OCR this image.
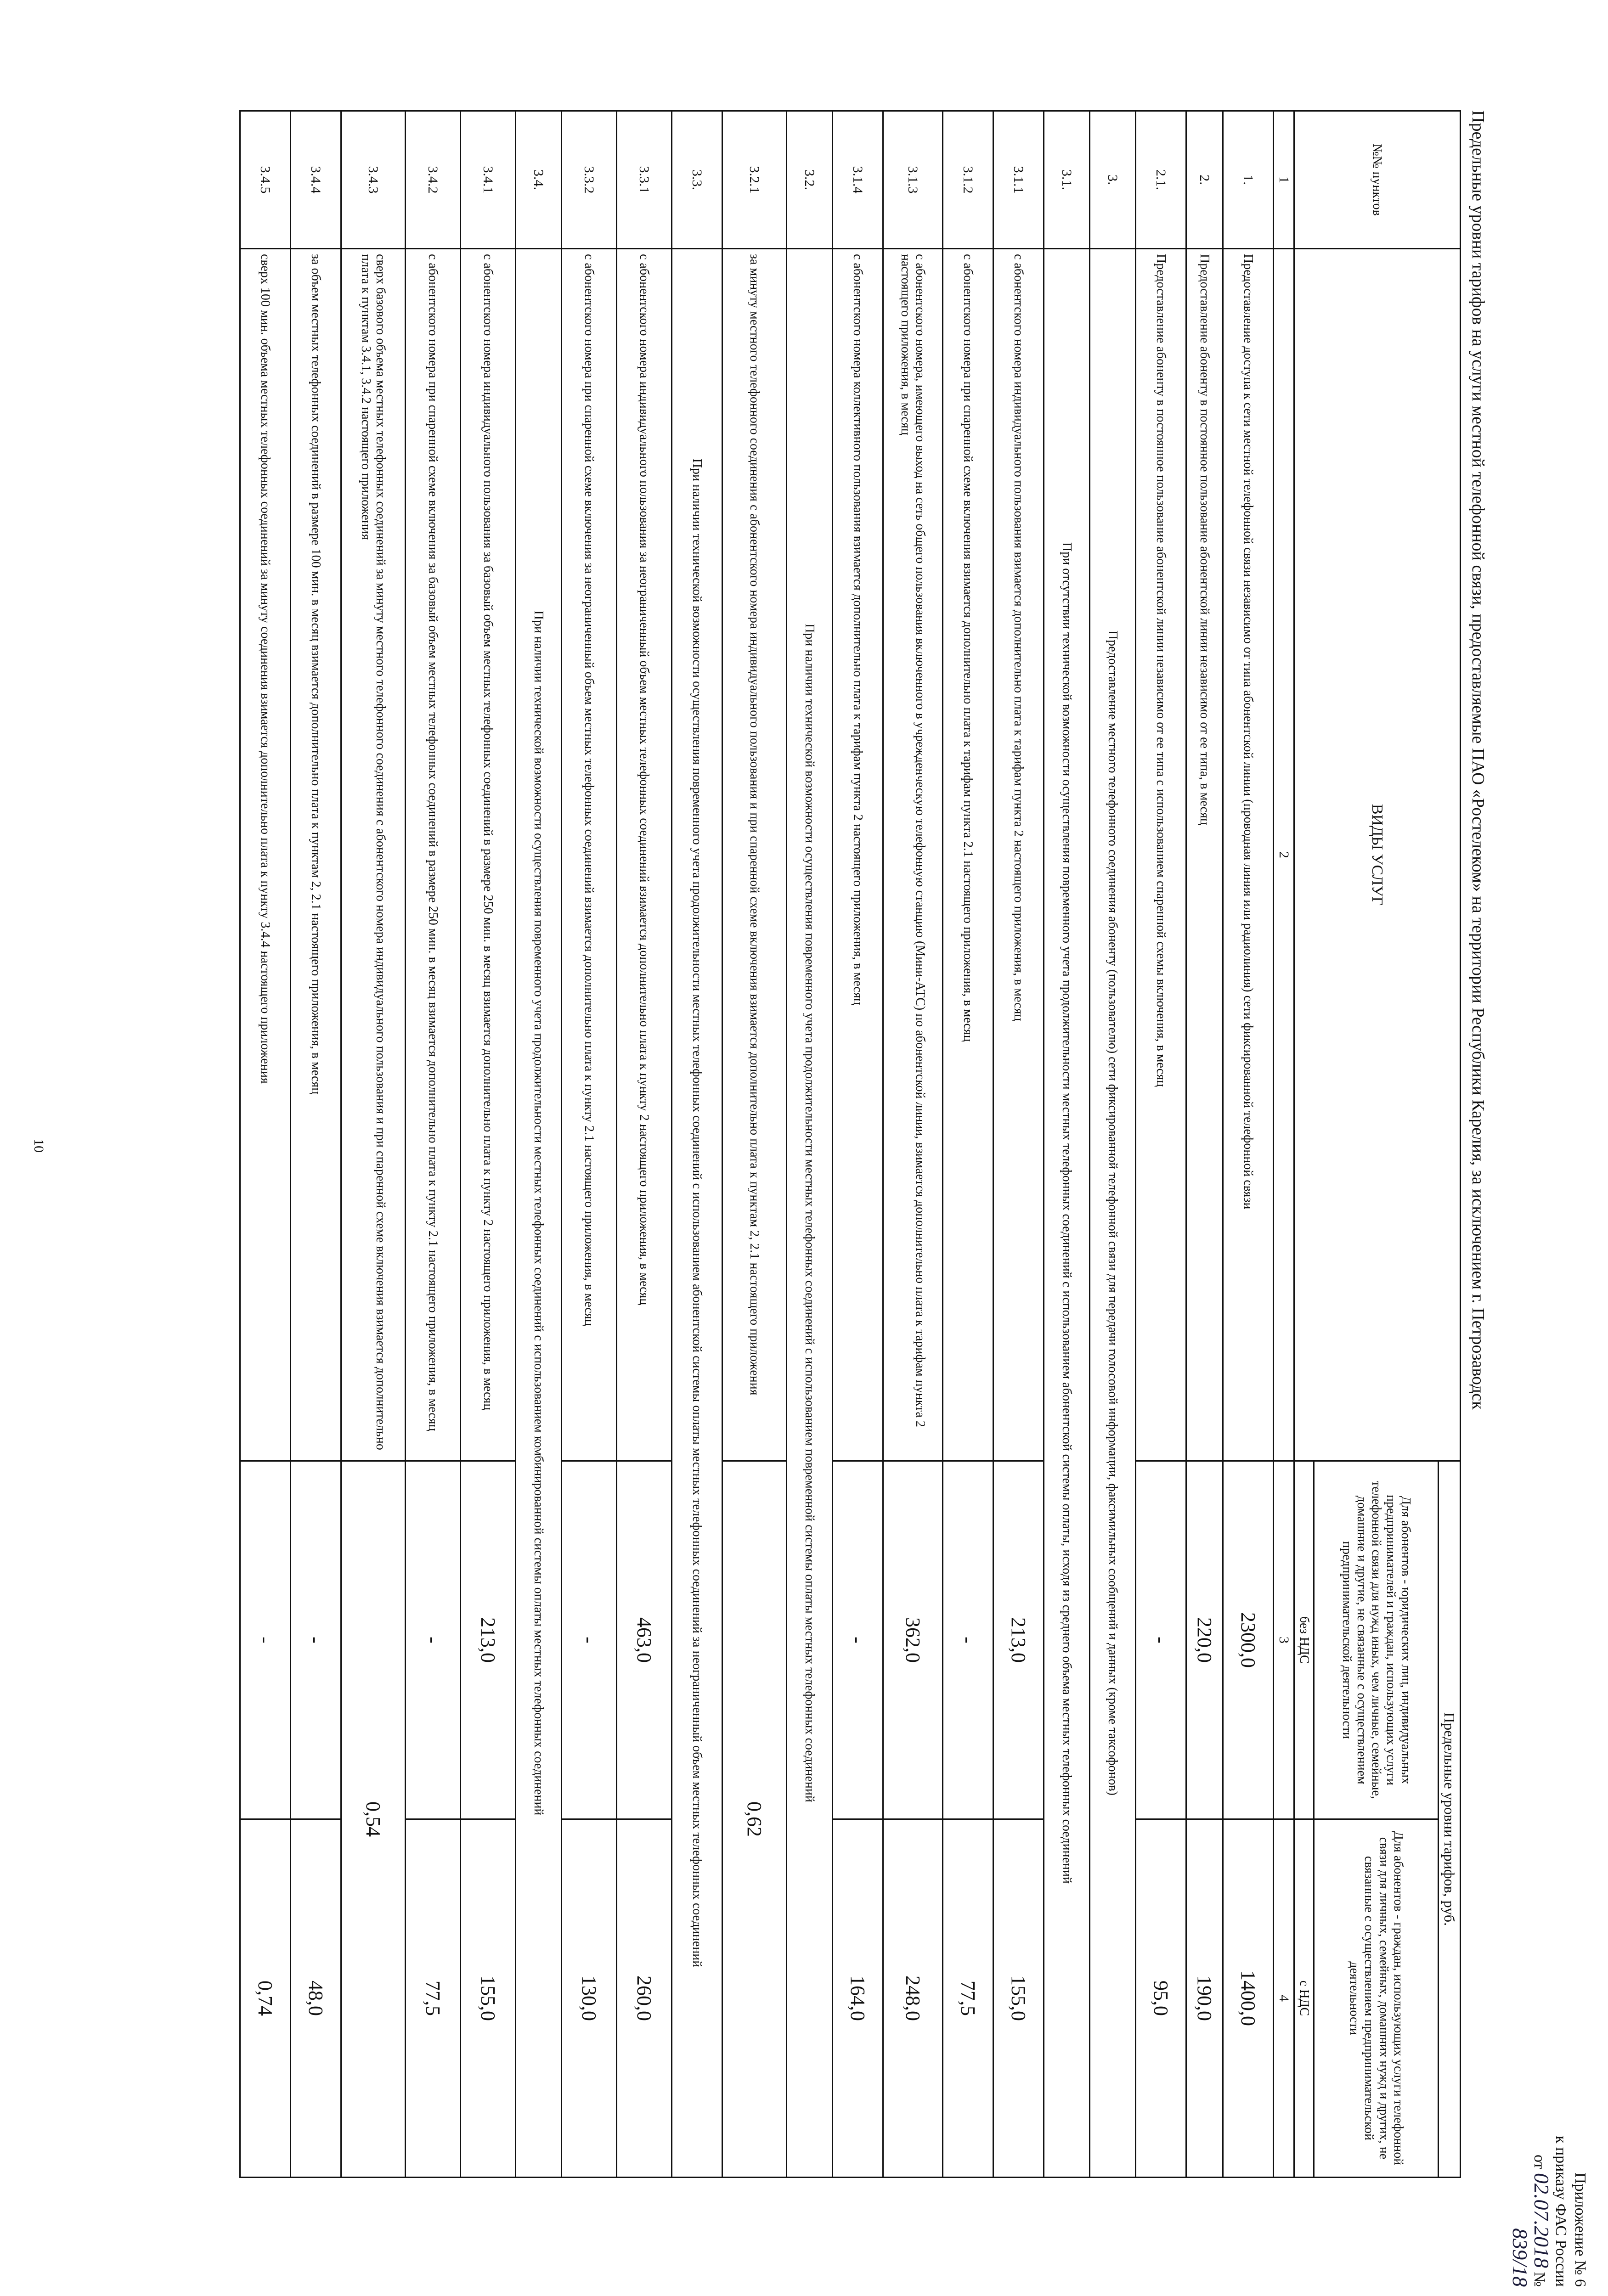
Приложение № 6
к приказу ФАС России
от 02.07.2018 № 839/18
Предельные уровни тарифов на услуги местной телефонной связи, предоставляемые ПАО «Ростелеком» на территории Республики Карелия, за исключением г. Петрозаводск
№№ пунктов	ВИДЫ УСЛУГ	Предельные уровни тарифов, руб.	
		Для абонентов - юридических лиц, индивидуальных предпринимателей и граждан, использующих услуги телефонной связи для нужд иных, чем личные, семейные, домашние и другие, не связанные с осуществлением предпринимательской деятельности	Для абонентов - граждан, использующих услуги телефонной связи для личных, семейных, домашних нужд и других, не связанные с осуществлением предпринимательской деятельности
		без НДС	с НДС
1	2	3	4
1.	Предоставление доступа к сети местной телефонной связи независимо от типа абонентской линии (проводная линия или радиолиния) сети фиксированной телефонной связи	2300,0	1400,0
2.	Предоставление абоненту в постоянное пользование абонентской линии независимо от ее типа, в месяц	220,0	190,0
2.1.	Предоставление абоненту в постоянное пользование абонентской линии независимо от ее типа с использованием спаренной схемы включения, в месяц	-	95,0
3.	Предоставление местного телефонного соединения абоненту (пользователю) сети фиксированной телефонной связи для передачи голосовой информации, факсимильных сообщений и данных (кроме таксофонов)		
3.1.	При отсутствии технической возможности осуществления повременного учета продолжительности местных телефонных соединений с использованием абонентской системы оплаты, исходя из среднего объема местных телефонных соединений		
3.1.1	с абонентского номера индивидуального пользования взимается дополнительно плата к тарифам пункта 2 настоящего приложения, в месяц	213,0	155,0
3.1.2	с абонентского номера при спаренной схеме включения взимается дополнительно плата к тарифам пункта 2.1 настоящего приложения, в месяц	-	77,5
3.1.3	с абонентского номера, имеющего выход на сеть общего пользования включенного в учрежденческую телефонную станцию (Мини-АТС) по абонентской линии, взимается дополнительно плата к тарифам пункта 2 настоящего приложения, в месяц	362,0	248,0
3.1.4	с абонентского номера коллективного пользования взимается дополнительно плата к тарифам пункта 2 настоящего приложения, в месяц	-	164,0
3.2.	При наличии технической возможности осуществления повременного учета продолжительности местных телефонных соединений с использованием повременной системы оплаты местных телефонных соединений		
3.2.1	за минуту местного телефонного соединения с абонентского номера индивидуального пользования и при спаренной схеме включения взимается дополнительно плата к пунктам 2, 2.1 настоящего приложения	0,62	
3.3.	При наличии технической возможности осуществления повременного учета продолжительности местных телефонных соединений с использованием абонентской системы оплаты местных телефонных соединений за неограниченный объем местных телефонных соединений		
3.3.1	с абонентского номера индивидуального пользования за неограниченный объем местных телефонных соединений взимается дополнительно плата к пункту 2 настоящего приложения, в месяц	463,0	260,0
3.3.2	с абонентского номера при спаренной схеме включения за неограниченный объем местных телефонных соединений взимается дополнительно плата к пункту 2.1 настоящего приложения, в месяц	-	130,0
3.4.	При наличии технической возможности осуществления повременного учета продолжительности местных телефонных соединений с использованием комбинированной системы оплаты местных телефонных соединений		
3.4.1	с абонентского номера индивидуального пользования за базовый объем местных телефонных соединений в размере 250 мин. в месяц взимается дополнительно плата к пункту 2 настоящего приложения, в месяц	213,0	155,0
3.4.2	с абонентского номера при спаренной схеме включения за базовый объем местных телефонных соединений в размере 250 мин. в месяц взимается дополнительно плата к пункту 2.1 настоящего приложения, в месяц	-	77,5
3.4.3	сверх базового объема местных телефонных соединений за минуту местного телефонного соединения с абонентского номера индивидуального пользования и при спаренной схеме включения взимается дополнительно плата к пунктам 3.4.1, 3.4.2 настоящего приложения	0,54	
3.4.4	за объем местных телефонных соединений в размере 100 мин. в месяц взимается дополнительно плата к пунктам 2, 2.1 настоящего приложения, в месяц	-	48,0
3.4.5	сверх 100 мин. объема местных телефонных соединений за минуту соединения взимается дополнительно плата к пункту 3.4.4 настоящего приложения	-	0,74
10
